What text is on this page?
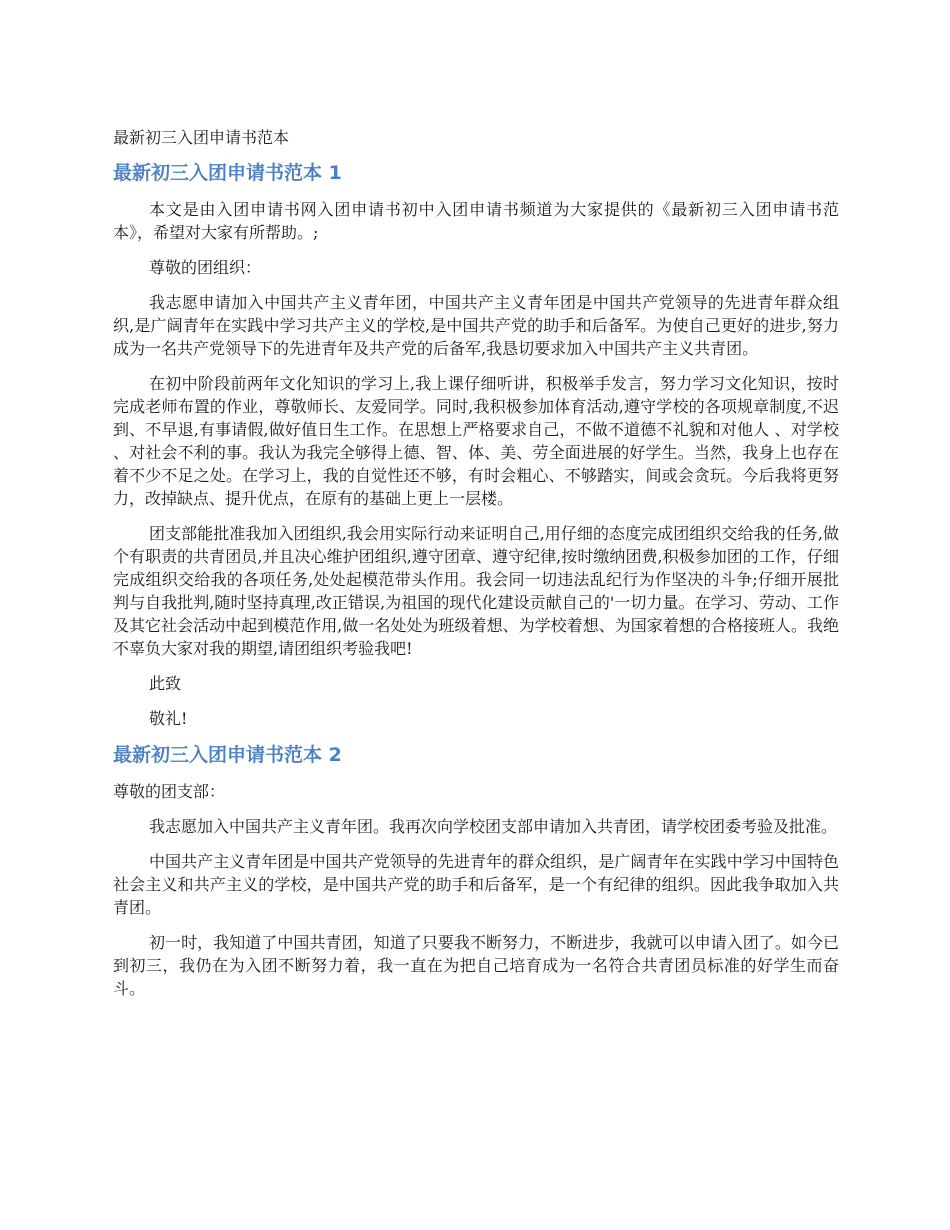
最新初三入团申请书范本

最新初三入团申请书范本 1

本文是由入团申请书网入团申请书初中入团申请书频道为大家提供的《最新初三入团申请书范本》，希望对大家有所帮助。;

尊敬的团组织：

我志愿申请加入中国共产主义青年团，中国共产主义青年团是中国共产党领导的先进青年群众组织,是广阔青年在实践中学习共产主义的学校,是中国共产党的助手和后备军。为使自己更好的进步,努力成为一名共产党领导下的先进青年及共产党的后备军,我恳切要求加入中国共产主义共青团。

在初中阶段前两年文化知识的学习上,我上课仔细听讲，积极举手发言，努力学习文化知识，按时完成老师布置的作业，尊敬师长、友爱同学。同时,我积极参加体育活动,遵守学校的各项规章制度,不迟到、不早退,有事请假,做好值日生工作。在思想上严格要求自己，不做不道德不礼貌和对他人 、对学校 、对社会不利的事。我认为我完全够得上德、智、体、美、劳全面进展的好学生。当然，我身上也存在着不少不足之处。在学习上，我的自觉性还不够，有时会粗心、不够踏实，间或会贪玩。今后我将更努力，改掉缺点、提升优点，在原有的基础上更上一层楼。

团支部能批准我加入团组织,我会用实际行动来证明自己,用仔细的态度完成团组织交给我的任务,做个有职责的共青团员,并且决心维护团组织,遵守团章、遵守纪律,按时缴纳团费,积极参加团的工作，仔细完成组织交给我的各项任务,处处起模范带头作用。我会同一切违法乱纪行为作坚决的斗争;仔细开展批判与自我批判,随时坚持真理,改正错误,为祖国的现代化建设贡献自己的'一切力量。在学习、劳动、工作及其它社会活动中起到模范作用,做一名处处为班级着想、为学校着想、为国家着想的合格接班人。我绝不辜负大家对我的期望,请团组织考验我吧!

此致

敬礼!

最新初三入团申请书范本 2

尊敬的团支部：

我志愿加入中国共产主义青年团。我再次向学校团支部申请加入共青团，请学校团委考验及批准。

中国共产主义青年团是中国共产党领导的先进青年的群众组织，是广阔青年在实践中学习中国特色社会主义和共产主义的学校，是中国共产党的助手和后备军，是一个有纪律的组织。因此我争取加入共青团。

初一时，我知道了中国共青团，知道了只要我不断努力，不断进步，我就可以申请入团了。如今已到初三，我仍在为入团不断努力着，我一直在为把自己培育成为一名符合共青团员标准的好学生而奋斗。
